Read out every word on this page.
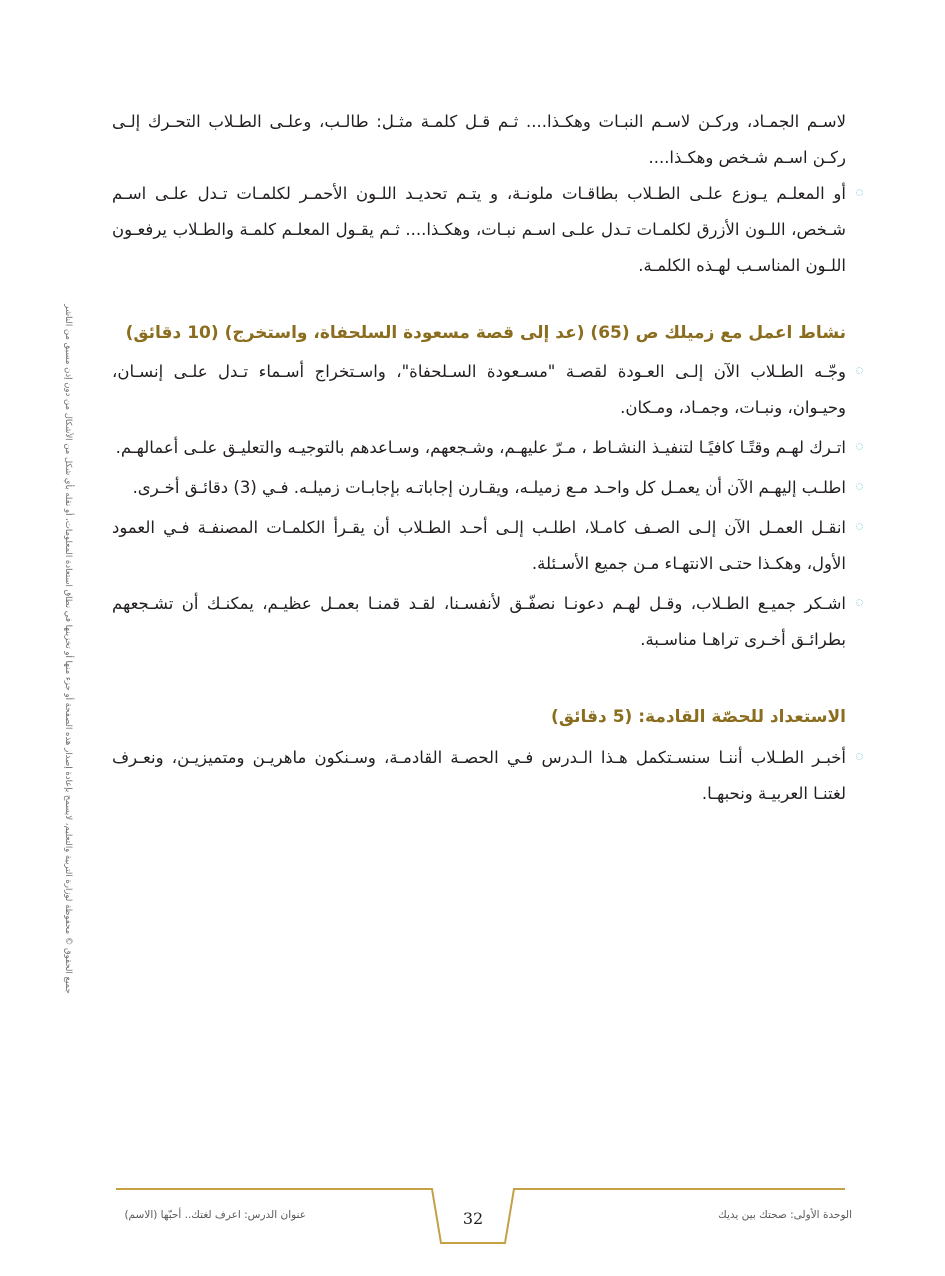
لاسـم الجمـاد، وركـن لاسـم النبـات وهكـذا.... ثـم قـل كلمـة مثـل: طالـب، وعلـى الطـلاب التحـرك إلـى ركـن اسـم شـخص وهكـذا....

أو المعلـم يـوزع علـى الطـلاب بطاقـات ملونـة، و يتـم تحديـد اللـون الأحمـر لكلمـات تـدل علـى اسـم شـخص، اللـون الأزرق لكلمـات تـدل علـى اسـم نبـات، وهكـذا.... ثـم يقـول المعلـم كلمـة والطـلاب يرفعـون اللـون المناسـب لهـذه الكلمـة.
نشاط اعمل مع زميلك ص (65) (عد إلى قصة مسعودة السلحفاة، واستخرج) (10 دقائق)
وجّـه الطـلاب الآن إلـى العـودة لقصـة "مسـعودة السـلحفاة"، واسـتخراج أسـماء تـدل علـى إنسـان، وحيـوان، ونبـات، وجمـاد، ومـكان.
اتـرك لهـم وقتًـا كافيًـا لتنفيـذ النشـاط ، مـرّ عليهـم، وشـجعهم، وسـاعدهم بالتوجيـه والتعليـق علـى أعمالهـم.
اطلـب إليهـم الآن أن يعمـل كل واحـد مـع زميلـه، ويقـارن إجاباتـه بإجابـات زميلـه. فـي (3) دقائـق أخـرى.
انقـل العمـل الآن إلـى الصـف كامـلا، اطلـب إلـى أحـد الطـلاب أن يقـرأ الكلمـات المصنفـة فـي العمود الأول، وهكـذا حتـى الانتهـاء مـن جميع الأسـئلة.
اشـكر جميـع الطـلاب، وقـل لهـم دعونـا نصفّـق لأنفسـنا، لقـد قمنـا بعمـل عظيـم، يمكنـك أن تشـجعهم بطرائـق أخـرى تراهـا مناسـبة.
الاستعداد للحصّة القادمة: (5 دقائق)
أخبـر الطـلاب أننـا سنسـتكمل هـذا الـدرس فـي الحصـة القادمـة، وسـنكون ماهريـن ومتميزيـن، ونعـرف لغتنـا العربيـة ونحبهـا.
جميع الحقوق © محفوظة لوزارة التربية والتعليم، لايسمح بإعادة إصدار هذه الصفحة أو جزء منها أو تخزينها في نطاق استعادة المعلومات، أو نقله بأي شكل من الأشكال من دون إذن مسبق من الناشر
عنوان الدرس: اعرف لغتك.. أحبّها (الاسم)	32	الوحدة الأولى: صحتك بين يديك
